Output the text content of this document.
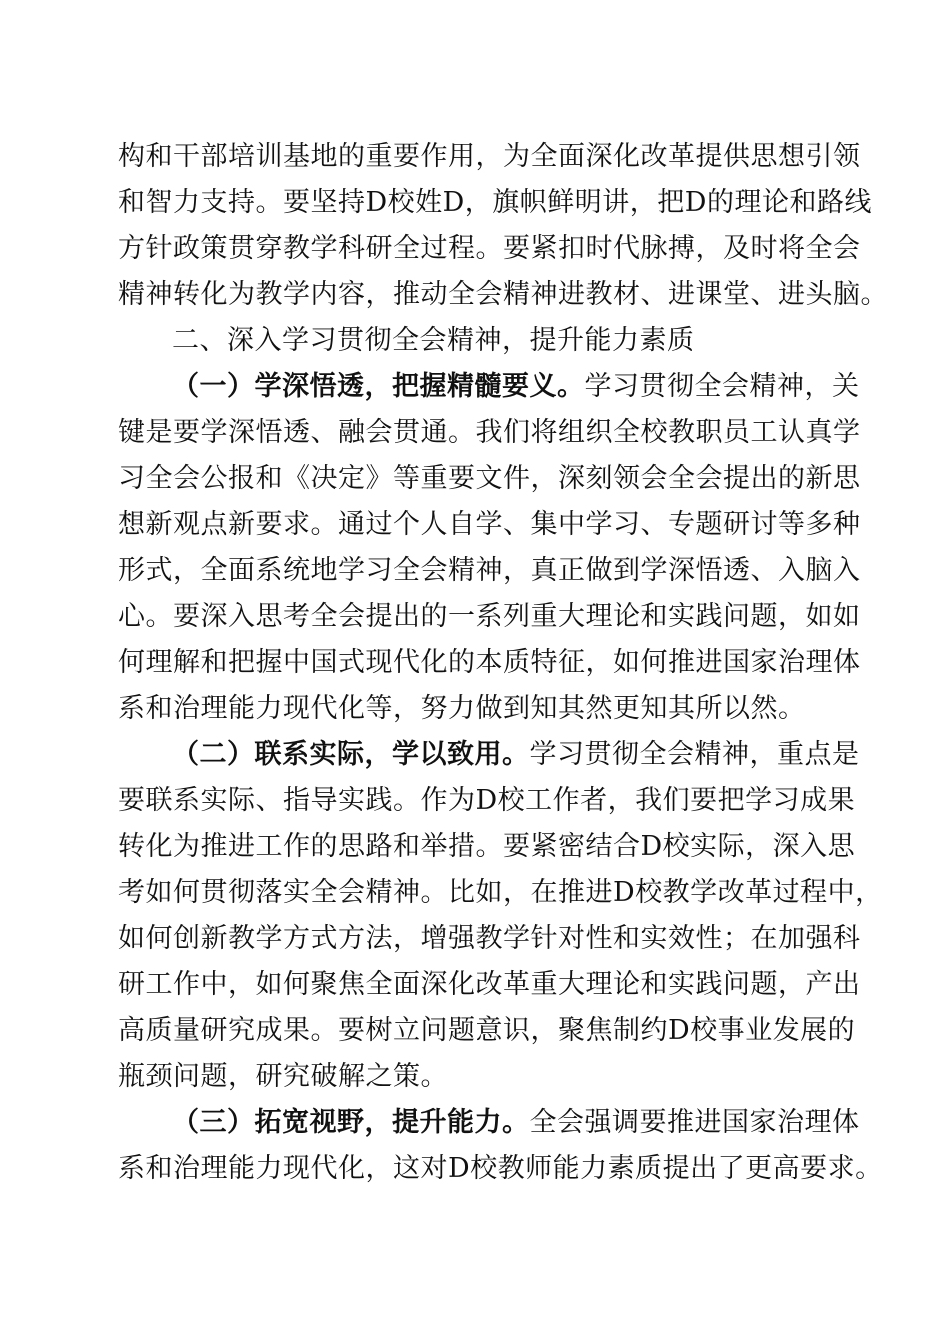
构和干部培训基地的重要作用，为全面深化改革提供思想引领
和智力支持。要坚持D校姓D，旗帜鲜明讲，把D的理论和路线
方针政策贯穿教学科研全过程。要紧扣时代脉搏，及时将全会
精神转化为教学内容，推动全会精神进教材、进课堂、进头脑。
二、深入学习贯彻全会精神，提升能力素质
（一）学深悟透，把握精髓要义。学习贯彻全会精神，关
键是要学深悟透、融会贯通。我们将组织全校教职员工认真学
习全会公报和《决定》等重要文件，深刻领会全会提出的新思
想新观点新要求。通过个人自学、集中学习、专题研讨等多种
形式，全面系统地学习全会精神，真正做到学深悟透、入脑入
心。要深入思考全会提出的一系列重大理论和实践问题，如如
何理解和把握中国式现代化的本质特征，如何推进国家治理体
系和治理能力现代化等，努力做到知其然更知其所以然。
（二）联系实际，学以致用。学习贯彻全会精神，重点是
要联系实际、指导实践。作为D校工作者，我们要把学习成果
转化为推进工作的思路和举措。要紧密结合D校实际，深入思
考如何贯彻落实全会精神。比如，在推进D校教学改革过程中，
如何创新教学方式方法，增强教学针对性和实效性；在加强科
研工作中，如何聚焦全面深化改革重大理论和实践问题，产出
高质量研究成果。要树立问题意识，聚焦制约D校事业发展的
瓶颈问题，研究破解之策。
（三）拓宽视野，提升能力。全会强调要推进国家治理体
系和治理能力现代化，这对D校教师能力素质提出了更高要求。
